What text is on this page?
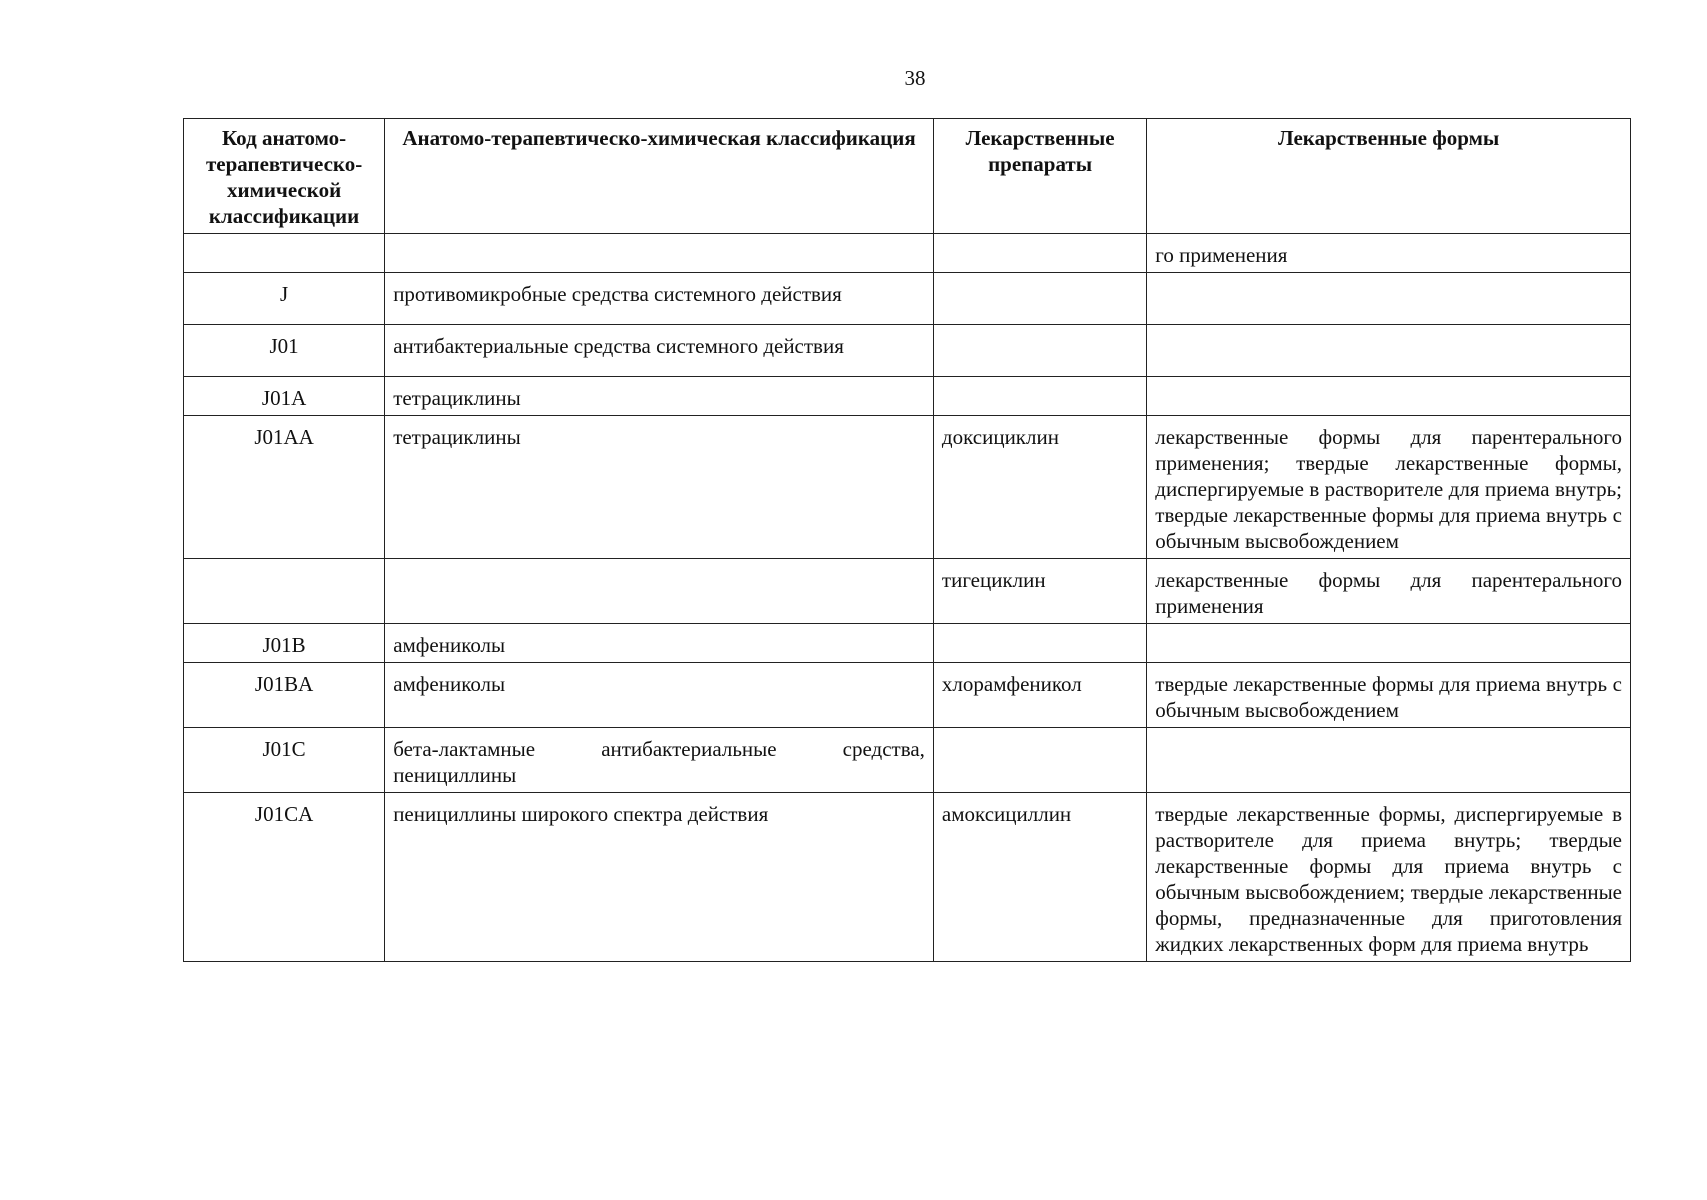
38
Код анатомо-терапевтическо-химической классификации	Анатомо-терапевтическо-химическая классификация	Лекарственные препараты	Лекарственные формы
			го применения
J	противомикробные средства системного действия		
J01	антибактериальные средства системного действия		
J01A	тетрациклины		
J01AA	тетрациклины	доксициклин	лекарственные формы для парентерального применения; твердые лекарственные формы, диспергируемые в растворителе для приема внутрь; твердые лекарственные формы для приема внутрь с обычным высвобождением
		тигециклин	лекарственные формы для парентерального применения
J01B	амфениколы		
J01BA	амфениколы	хлорамфеникол	твердые лекарственные формы для приема внутрь с обычным высвобождением
J01C	бета-лактамные антибактериальные средства, пенициллины		
J01CA	пенициллины широкого спектра действия	амоксициллин	твердые лекарственные формы, диспергируемые в растворителе для приема внутрь; твердые лекарственные формы для приема внутрь с обычным высвобождением; твердые лекарственные формы, предназначенные для приготовления жидких лекарственных форм для приема внутрь
